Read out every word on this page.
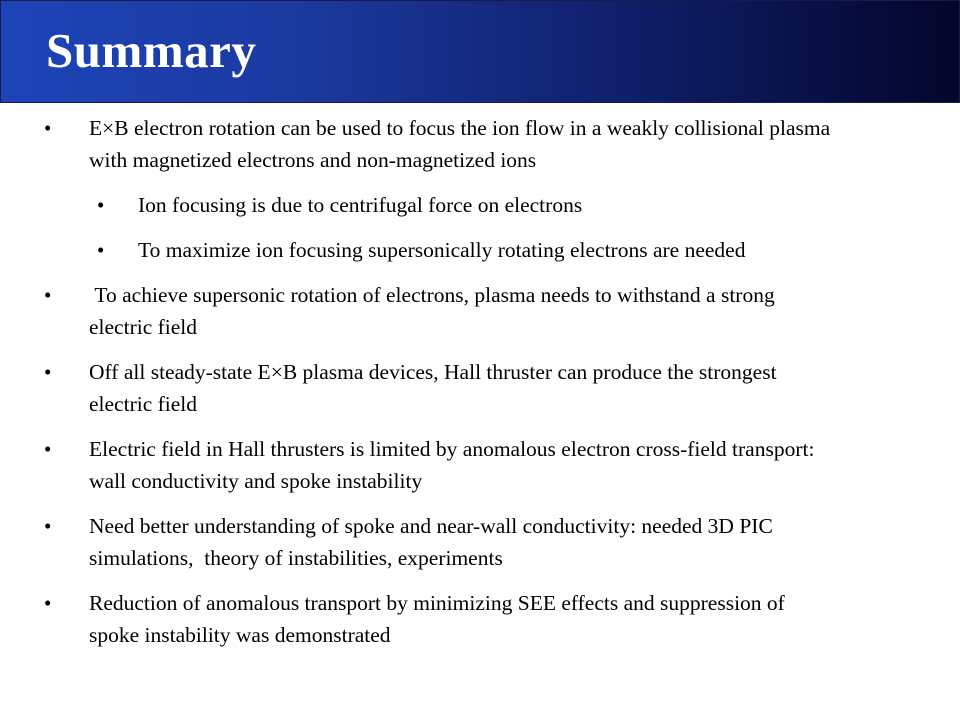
Summary
• E×B electron rotation can be used to focus the ion flow in a weakly collisional plasma with magnetized electrons and non-magnetized ions
• Ion focusing is due to centrifugal force on electrons
• To maximize ion focusing supersonically rotating electrons are needed
• To achieve supersonic rotation of electrons, plasma needs to withstand a strong electric field
• Off all steady-state E×B plasma devices, Hall thruster can produce the strongest electric field
• Electric field in Hall thrusters is limited by anomalous electron cross-field transport: wall conductivity and spoke instability
• Need better understanding of spoke and near-wall conductivity: needed 3D PIC simulations,  theory of instabilities, experiments
• Reduction of anomalous transport by minimizing SEE effects and suppression of spoke instability was demonstrated
